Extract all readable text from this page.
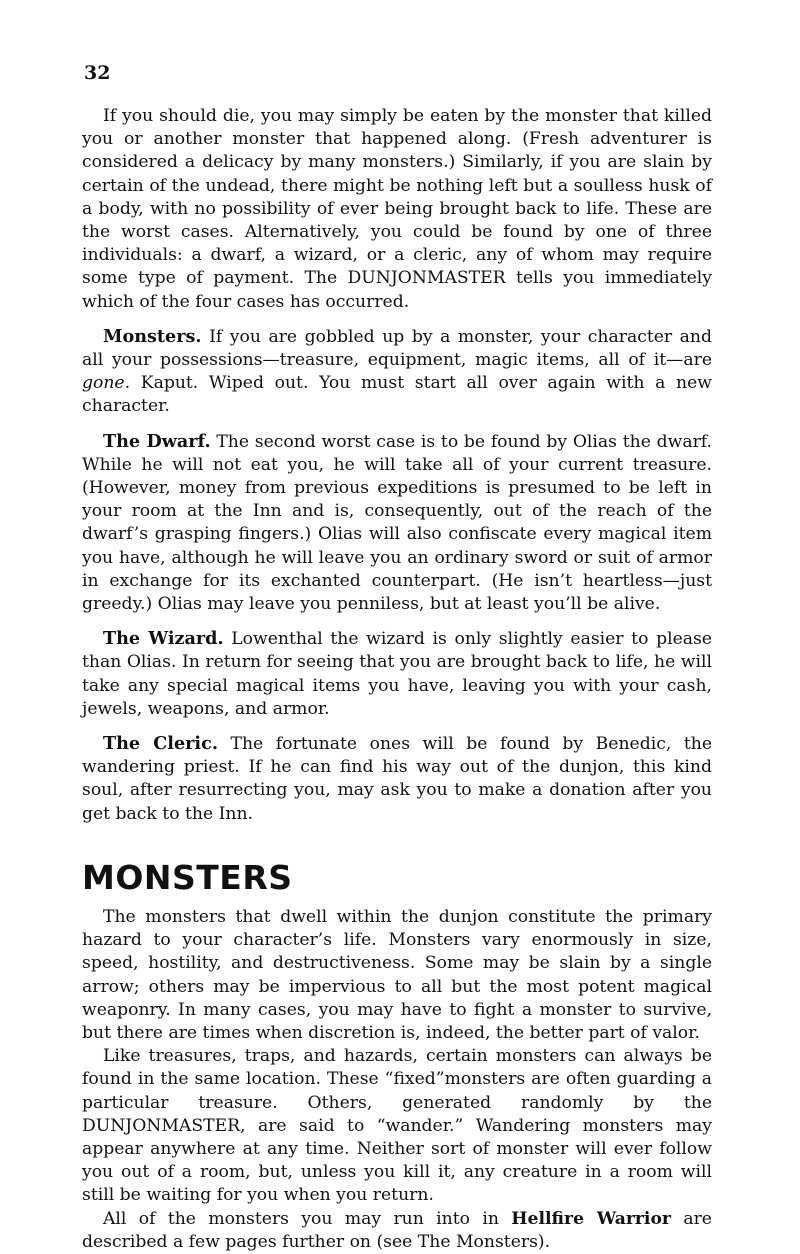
32

If you should die, you may simply be eaten by the monster that killed you or another monster that happened along. (Fresh adventurer is considered a delicacy by many monsters.) Similarly, if you are slain by certain of the undead, there might be nothing left but a soulless husk of a body, with no possibility of ever being brought back to life. These are the worst cases. Alternatively, you could be found by one of three individuals: a dwarf, a wizard, or a cleric, any of whom may require some type of payment. The DUNJONMASTER tells you immediately which of the four cases has occurred.

Monsters. If you are gobbled up by a monster, your character and all your possessions—treasure, equipment, magic items, all of it—are gone. Kaput. Wiped out. You must start all over again with a new character.

The Dwarf. The second worst case is to be found by Olias the dwarf. While he will not eat you, he will take all of your current treasure. (However, money from previous expeditions is presumed to be left in your room at the Inn and is, consequently, out of the reach of the dwarf’s grasping fingers.) Olias will also confiscate every magical item you have, although he will leave you an ordinary sword or suit of armor in exchange for its exchanted counterpart. (He isn’t heartless—just greedy.) Olias may leave you penniless, but at least you’ll be alive.

The Wizard. Lowenthal the wizard is only slightly easier to please than Olias. In return for seeing that you are brought back to life, he will take any special magical items you have, leaving you with your cash, jewels, weapons, and armor.

The Cleric. The fortunate ones will be found by Benedic, the wandering priest. If he can find his way out of the dunjon, this kind soul, after resurrecting you, may ask you to make a donation after you get back to the Inn.

MONSTERS

The monsters that dwell within the dunjon constitute the primary hazard to your character’s life. Monsters vary enormously in size, speed, hostility, and destructiveness. Some may be slain by a single arrow; others may be impervious to all but the most potent magical weaponry. In many cases, you may have to fight a monster to survive, but there are times when discretion is, indeed, the better part of valor.

Like treasures, traps, and hazards, certain monsters can always be found in the same location. These “fixed”monsters are often guarding a particular treasure. Others, generated randomly by the DUNJONMASTER, are said to “wander.” Wandering monsters may appear anywhere at any time. Neither sort of monster will ever follow you out of a room, but, unless you kill it, any creature in a room will still be waiting for you when you return.

All of the monsters you may run into in Hellfire Warrior are described a few pages further on (see The Monsters).
